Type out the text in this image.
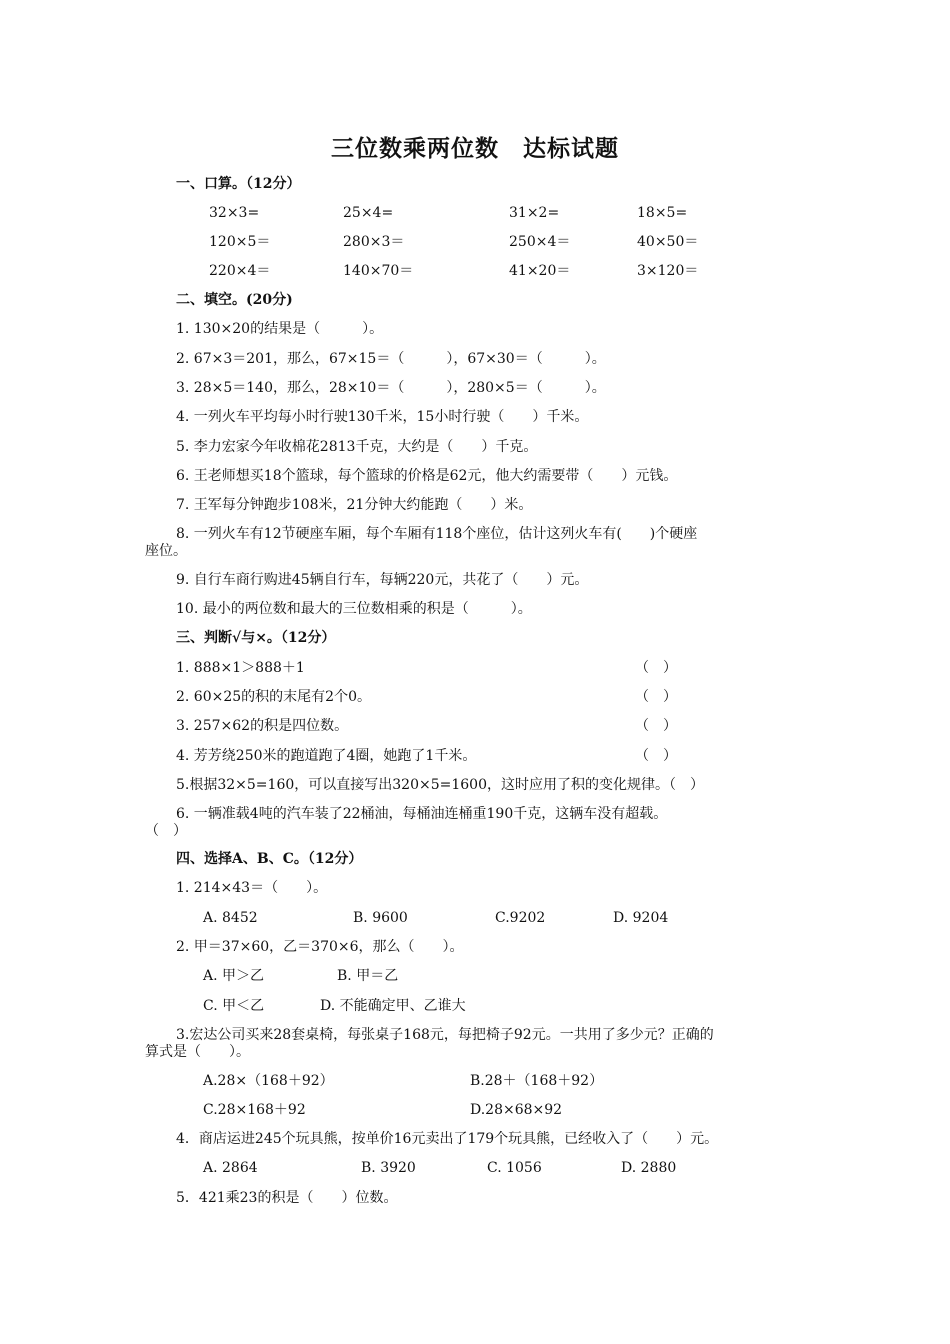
三位数乘两位数　达标试题
一、口算。（12分）
32×3=	25×4=	31×2=	18×5=
120×5＝	280×3＝	250×4＝	40×50＝
220×4＝	140×70＝	41×20＝	3×120＝
二、填空。(20分)
1. 130×20的结果是（　　　）。
2. 67×3＝201，那么，67×15＝（　　　），67×30＝（　　　）。
3. 28×5＝140，那么，28×10＝（　　　），280×5＝（　　　）。
4. 一列火车平均每小时行驶130千米，15小时行驶（　　）千米。
5. 李力宏家今年收棉花2813千克，大约是（　　）千克。
6. 王老师想买18个篮球，每个篮球的价格是62元，他大约需要带（　　）元钱。
7. 王军每分钟跑步108米，21分钟大约能跑（　　）米。
8. 一列火车有12节硬座车厢，每个车厢有118个座位，估计这列火车有(　　)个硬座
座位。
9. 自行车商行购进45辆自行车，每辆220元，共花了（　　）元。
10. 最小的两位数和最大的三位数相乘的积是（　　　）。
三、判断√与×。（12分）
1. 888×1＞888＋1	（　）
2. 60×25的积的末尾有2个0。	（　）
3. 257×62的积是四位数。	（　）
4. 芳芳绕250米的跑道跑了4圈，她跑了1千米。	（　）
5.根据32×5=160，可以直接写出320×5=1600，这时应用了积的变化规律。（　）
6. 一辆准载4吨的汽车装了22桶油，每桶油连桶重190千克，这辆车没有超载。
（　）
四、选择A、B、C。（12分）
1. 214×43＝（　　）。
A. 8452	B. 9600	C.9202	D. 9204
2. 甲＝37×60，乙＝370×6，那么（　　）。
A. 甲＞乙	B. 甲＝乙
C. 甲＜乙	D. 不能确定甲、乙谁大
3.宏达公司买来28套桌椅，每张桌子168元，每把椅子92元。一共用了多少元？正确的
算式是（　　）。
A.28×（168＋92）	B.28＋（168＋92）
C.28×168＋92	D.28×68×92
4．商店运进245个玩具熊，按单价16元卖出了179个玩具熊，已经收入了（　　）元。
A. 2864	B. 3920	C. 1056	D. 2880
5．421乘23的积是（　　）位数。
